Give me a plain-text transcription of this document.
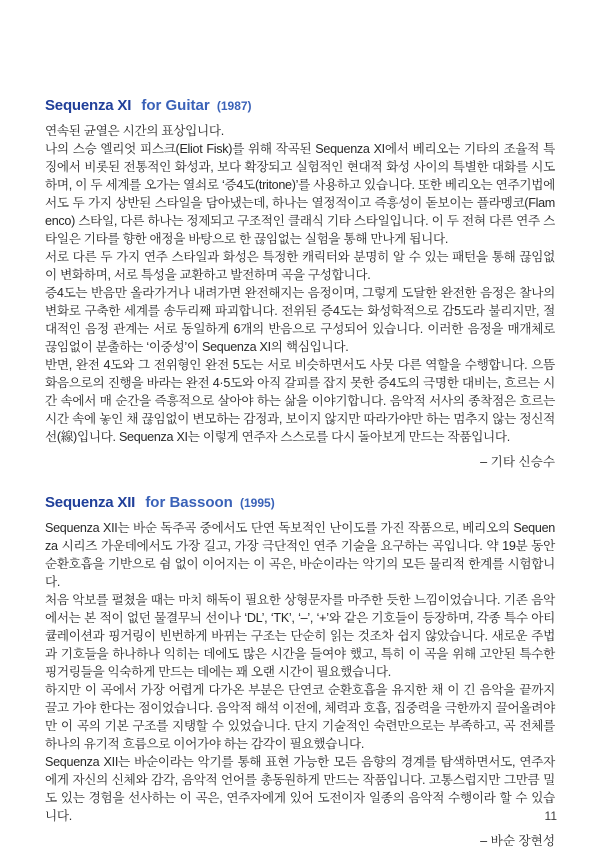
Sequenza XI for Guitar (1987)

연속된 균열은 시간의 표상입니다.

나의 스승 엘리엇 피스크(Eliot Fisk)를 위해 작곡된 Sequenza XI에서 베리오는 기타의 조율적 특징에서 비롯된 전통적인 화성과, 보다 확장되고 실험적인 현대적 화성 사이의 특별한 대화를 시도하며, 이 두 세계를 오가는 열쇠로 ‘증4도(tritone)’를 사용하고 있습니다. 또한 베리오는 연주기법에서도 두 가지 상반된 스타일을 담아냈는데, 하나는 열정적이고 즉흥성이 돋보이는 플라멩코(Flamenco) 스타일, 다른 하나는 정제되고 구조적인 클래식 기타 스타일입니다. 이 두 전혀 다른 연주 스타일은 기타를 향한 애정을 바탕으로 한 끊임없는 실험을 통해 만나게 됩니다.

서로 다른 두 가지 연주 스타일과 화성은 특정한 캐릭터와 분명히 알 수 있는 패턴을 통해 끊임없이 변화하며, 서로 특성을 교환하고 발전하며 곡을 구성합니다.

증4도는 반음만 올라가거나 내려가면 완전해지는 음정이며, 그렇게 도달한 완전한 음정은 찰나의 변화로 구축한 세계를 송두리째 파괴합니다. 전위된 증4도는 화성학적으로 감5도라 불리지만, 절대적인 음정 관계는 서로 동일하게 6개의 반음으로 구성되어 있습니다. 이러한 음정을 매개체로 끊임없이 분출하는 ‘이중성’이 Sequenza XI의 핵심입니다.

반면, 완전 4도와 그 전위형인 완전 5도는 서로 비슷하면서도 사뭇 다른 역할을 수행합니다. 으뜸화음으로의 진행을 바라는 완전 4·5도와 아직 갈피를 잡지 못한 증4도의 극명한 대비는, 흐르는 시간 속에서 매 순간을 즉흥적으로 살아야 하는 삶을 이야기합니다. 음악적 서사의 종착점은 흐르는 시간 속에 놓인 채 끊임없이 변모하는 감정과, 보이지 않지만 따라가야만 하는 멈추지 않는 정신적 선(線)입니다. Sequenza XI는 이렇게 연주자 스스로를 다시 돌아보게 만드는 작품입니다.

– 기타 신승수
Sequenza XII for Bassoon (1995)

Sequenza XII는 바순 독주곡 중에서도 단연 독보적인 난이도를 가진 작품으로, 베리오의 Sequenza 시리즈 가운데에서도 가장 길고, 가장 극단적인 연주 기술을 요구하는 곡입니다. 약 19분 동안 순환호흡을 기반으로 쉼 없이 이어지는 이 곡은, 바순이라는 악기의 모든 물리적 한계를 시험합니다.

처음 악보를 펼쳤을 때는 마치 해독이 필요한 상형문자를 마주한 듯한 느낌이었습니다. 기존 음악에서는 본 적이 없던 물결무늬 선이나 ‘DL’, ‘TK’, ‘–’, ‘+’와 같은 기호들이 등장하며, 각종 특수 아티큘레이션과 핑거링이 빈번하게 바뀌는 구조는 단순히 읽는 것조차 쉽지 않았습니다. 새로운 주법과 기호들을 하나하나 익히는 데에도 많은 시간을 들여야 했고, 특히 이 곡을 위해 고안된 특수한 핑거링들을 익숙하게 만드는 데에는 꽤 오랜 시간이 필요했습니다.

하지만 이 곡에서 가장 어렵게 다가온 부분은 단연코 순환호흡을 유지한 채 이 긴 음악을 끝까지 끌고 가야 한다는 점이었습니다. 음악적 해석 이전에, 체력과 호흡, 집중력을 극한까지 끌어올려야만 이 곡의 기본 구조를 지탱할 수 있었습니다. 단지 기술적인 숙련만으로는 부족하고, 곡 전체를 하나의 유기적 흐름으로 이어가야 하는 감각이 필요했습니다.

Sequenza XII는 바순이라는 악기를 통해 표현 가능한 모든 음향의 경계를 탐색하면서도, 연주자에게 자신의 신체와 감각, 음악적 언어를 총동원하게 만드는 작품입니다. 고통스럽지만 그만큼 밀도 있는 경험을 선사하는 이 곡은, 연주자에게 있어 도전이자 일종의 음악적 수행이라 할 수 있습니다.

– 바순 장현성
11
